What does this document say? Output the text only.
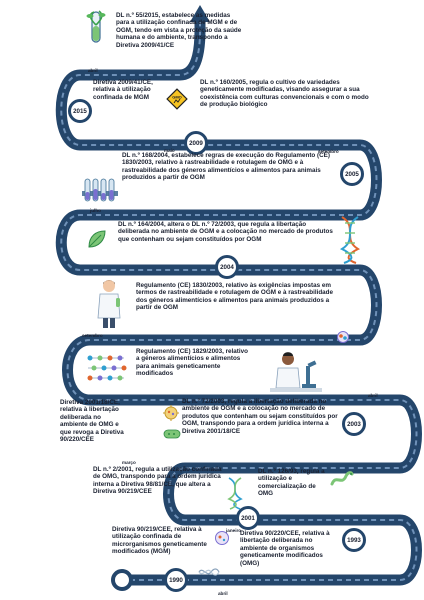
2015
2009
2005
2004
2003
2001
1993
1990
abril
maio	setembro
julho
setembro
abril
março
janeiro
abril
DL n.º 55/2015, estabelece as medidas para a utilização confinada de MGM e de OGM, tendo em vista a proteção da saúde humana e do ambiente, transpondo a Diretiva 2009/41/CE
Diretiva 2009/41/CE, relativa à utilização confinada de MGM
DL n.º 160/2005, regula o cultivo de variedades geneticamente modificadas, visando assegurar a sua coexistência com culturas convencionais e com o modo de produção biológico
DL n.º 168/2004, estabelece regras de execução do Regulamento (CE) 1830/2003, relativo à rastreabilidade e rotulagem de OMG e à rastreabilidade dos géneros alimentícios e alimentos para animais produzidos a partir de OGM
DL n.º 164/2004, altera o DL n.º 72/2003, que regula a libertação deliberada no ambiente de OGM e a colocação no mercado de produtos que contenham ou sejam constituídos por OGM
Regulamento (CE) 1830/2003, relativo às exigências impostas em termos de rastreabilidade e rotulagem de OGM e à rastreabilidade dos géneros alimentícios e alimentos para animais produzidos a partir de OGM
Regulamento (CE) 1829/2003, relativo a géneros alimentícios e alimentos para animais geneticamente modificados
Diretiva 2001/18/CE, relativa à libertação deliberada no ambiente de OMG e que revoga a Diretiva 90/220/CEE
DL n.º 72/2003, regula a libertação deliberada no ambiente de OGM e a colocação no mercado de produtos que contenham ou sejam constituídos por OGM, transpondo para a ordem jurídica interna a Diretiva 2001/18/CE
DL n.º 2/2001, regula a utilização confinada de OMG, transpondo para a ordem jurídica interna a Diretiva 98/81/CE, que altera a Diretiva 90/219/CEE
DL n.º 126/93, regula a utilização e comercialização de OMG
Diretiva 90/219/CEE, relativa à utilização confinada de microrganismos geneticamente modificados (MGM)
Diretiva 90/220/CEE, relativa à libertação deliberada no ambiente de organismos geneticamente modificados (OMG)
GMO
